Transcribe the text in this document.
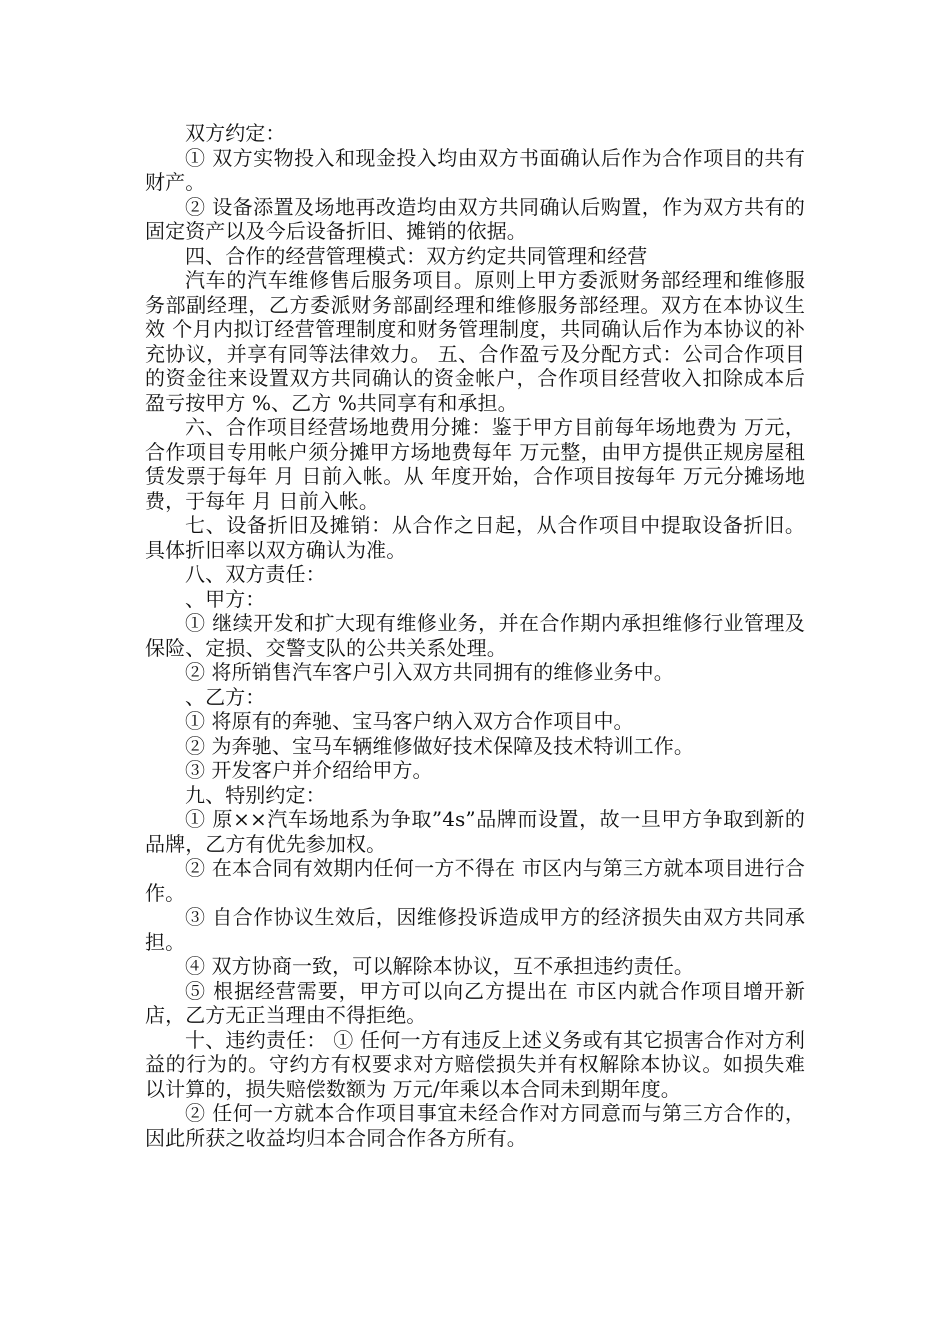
双方约定：

① 双方实物投入和现金投入均由双方书面确认后作为合作项目的共有财产。

② 设备添置及场地再改造均由双方共同确认后购置，作为双方共有的固定资产以及今后设备折旧、摊销的依据。

四、合作的经营管理模式：双方约定共同管理和经营

汽车的汽车维修售后服务项目。原则上甲方委派财务部经理和维修服务部副经理，乙方委派财务部副经理和维修服务部经理。双方在本协议生效 个月内拟订经营管理制度和财务管理制度，共同确认后作为本协议的补充协议，并享有同等法律效力。 五、合作盈亏及分配方式：公司合作项目的资金往来设置双方共同确认的资金帐户，合作项目经营收入扣除成本后盈亏按甲方 %、乙方 %共同享有和承担。

六、合作项目经营场地费用分摊：鉴于甲方目前每年场地费为 万元，合作项目专用帐户须分摊甲方场地费每年 万元整，由甲方提供正规房屋租赁发票于每年 月 日前入帐。从 年度开始，合作项目按每年 万元分摊场地费，于每年 月 日前入帐。

七、设备折旧及摊销：从合作之日起，从合作项目中提取设备折旧。具体折旧率以双方确认为准。

八、双方责任：

、甲方：

① 继续开发和扩大现有维修业务，并在合作期内承担维修行业管理及保险、定损、交警支队的公共关系处理。

② 将所销售汽车客户引入双方共同拥有的维修业务中。

、乙方：

① 将原有的奔驰、宝马客户纳入双方合作项目中。

② 为奔驰、宝马车辆维修做好技术保障及技术特训工作。

③ 开发客户并介绍给甲方。

九、特别约定：

① 原××汽车场地系为争取”4s”品牌而设置，故一旦甲方争取到新的品牌，乙方有优先参加权。

② 在本合同有效期内任何一方不得在 市区内与第三方就本项目进行合作。

③ 自合作协议生效后，因维修投诉造成甲方的经济损失由双方共同承担。

④ 双方协商一致，可以解除本协议，互不承担违约责任。

⑤ 根据经营需要，甲方可以向乙方提出在 市区内就合作项目增开新店，乙方无正当理由不得拒绝。

十、违约责任： ① 任何一方有违反上述义务或有其它损害合作对方利益的行为的。守约方有权要求对方赔偿损失并有权解除本协议。如损失难以计算的，损失赔偿数额为 万元/年乘以本合同未到期年度。

② 任何一方就本合作项目事宜未经合作对方同意而与第三方合作的，因此所获之收益均归本合同合作各方所有。
